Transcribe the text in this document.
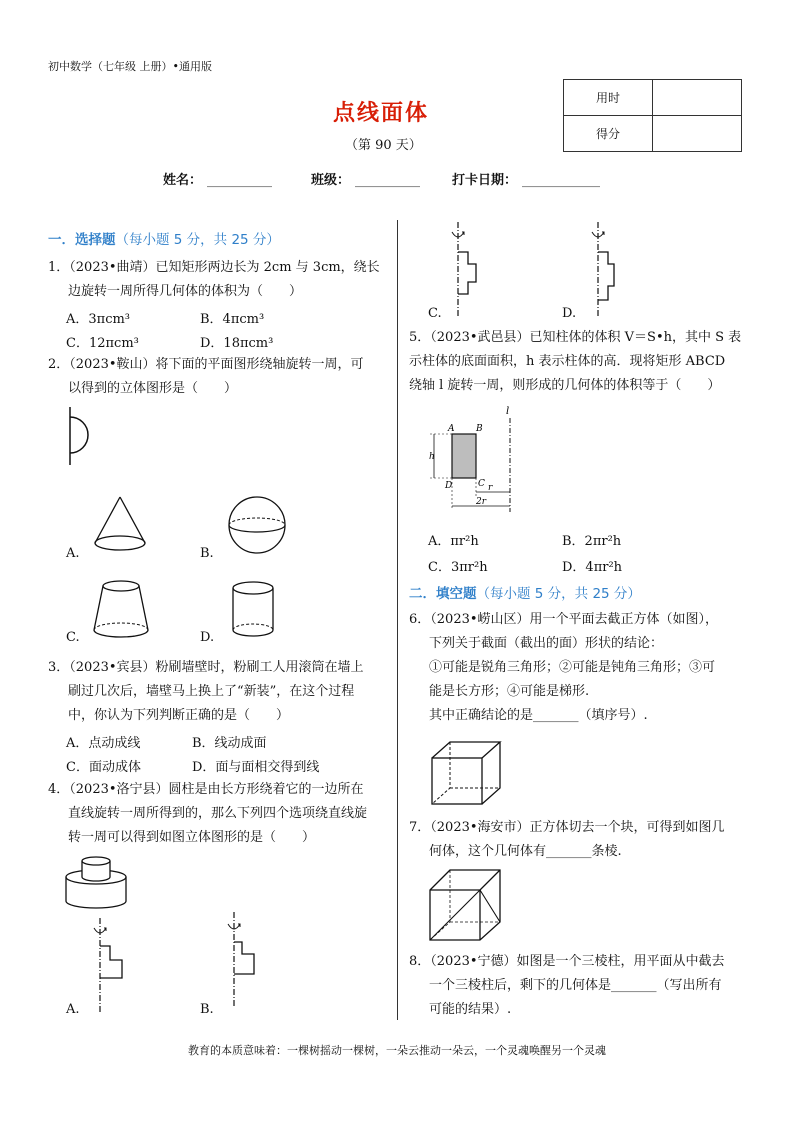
初中数学（七年级 上册）•通用版
点线面体
（第 90 天）
用时	
得分	
姓名： __________	班级： __________ 打卡日期： ____________
一．选择题（每小题 5 分，共 25 分）
1．（2023•曲靖）已知矩形两边长为 2cm 与 3cm，绕长
边旋转一周所得几何体的体积为（　　）
A．3πcm³	B．4πcm³
C．12πcm³	D．18πcm³
2．（2023•鞍山）将下面的平面图形绕轴旋转一周，可
以得到的立体图形是（　　）
A.	B.
C.	D.
3．（2023•宾县）粉刷墙壁时，粉刷工人用滚筒在墙上
刷过几次后，墙壁马上换上了“新装”，在这个过程
中，你认为下列判断正确的是（　　）
A．点动成线	B．线动成面
C．面动成体	D．面与面相交得到线
4．（2023•洛宁县）圆柱是由长方形绕着它的一边所在
直线旋转一周所得到的，那么下列四个选项绕直线旋
转一周可以得到如图立体图形的是（　　）
A.	B.
C.	D.
5．（2023•武邑县）已知柱体的体积 V＝S•h，其中 S 表
示柱体的底面面积，h 表示柱体的高．现将矩形 ABCD
绕轴 l 旋转一周，则形成的几何体的体积等于（　　）
l
A B
D	C
h
r
2r
A．πr²h	B．2πr²h
C．3πr²h	D．4πr²h
二．填空题（每小题 5 分，共 25 分）
6．（2023•崂山区）用一个平面去截正方体（如图），
下列关于截面（截出的面）形状的结论：
①可能是锐角三角形；②可能是钝角三角形；③可
能是长方形；④可能是梯形.
其中正确结论的是_______（填序号）.
7．（2023•海安市）正方体切去一个块，可得到如图几
何体，这个几何体有_______条棱.
8．（2023•宁德）如图是一个三棱柱，用平面从中截去
一个三棱柱后，剩下的几何体是_______（写出所有
可能的结果）.
教育的本质意味着：一棵树摇动一棵树，一朵云推动一朵云，一个灵魂唤醒另一个灵魂
